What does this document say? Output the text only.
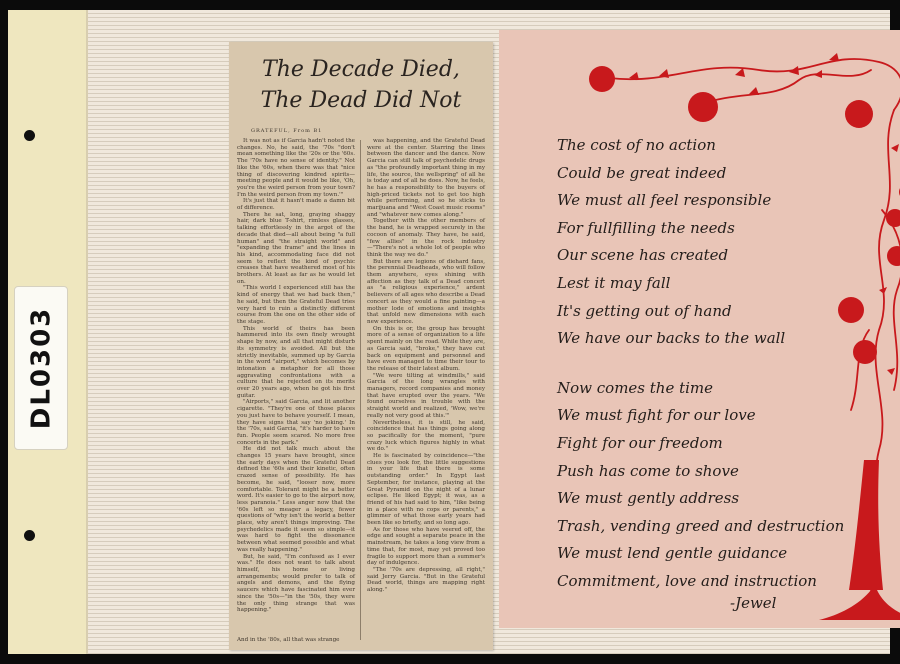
DL0303
The Decade Died,
The Dead Did Not
GRATEFUL, From B1

It was not as if Garcia hadn't noted the changes. No, he said, the '70s "don't mean something like the '20s or the '60s. The '70s have no sense of identity." Not like the '60s, when there was that "nice thing of discovering kindred spirits—meeting people and it would be like, 'Oh, you're the weird person from your town? I'm the weird person from my town.'"

It's just that it hasn't made a damn bit of difference.

There he sat, long, graying shaggy hair, dark blue T-shirt, rimless glasses, talking effortlessly in the argot of the decade that died—all about being "a full human" and "the straight world" and "expanding the frame" and the lines in his kind, accommodating face did not seem to reflect the kind of psychic creases that have weathered most of his brothers. At least as far as he would let on.

"This world I experienced still has the kind of energy that we had back then," he said, but then the Grateful Dead tries very hard to ruin a distinctly different course from the one on the other side of the stage.

This world of theirs has been hammered into its own finely wrought shape by now, and all that might disturb its symmetry is avoided. All but the strictly inevitable, summed up by Garcia in the word "airport," which becomes by intonation a metaphor for all those aggravating confrontations with a culture that he rejected on its merits over 20 years ago, when he got his first guitar.

"Airports," said Garcia, and lit another cigarette. "They're one of those places you just have to behave yourself. I mean, they have signs that say 'no joking.' In the '70s, said Garcia, "it's harder to have fun. People seem scared. No more free concerts in the park."

He did not talk much about the changes 15 years have brought, since the early days when the Grateful Dead defined the '60s and their kinetic, often crazed sense of possibility. He has become, he said, "looser now, more comfortable. Tolerant might be a better word. It's easier to go to the airport now, less paranoia." Less anger now that the '60s left so meager a legacy, fewer questions of "why isn't the world a better place, why aren't things improving. The psychedelics made it seem so simple—it was hard to fight the dissonance between what seemed possible and what was really happening."

But, he said, "I'm confused as I ever was." He does not want to talk about himself, his home or living arrangements; would prefer to talk of angels and demons, and the flying saucers which have fascinated him ever since the '50s—"in the '50s, they were the only thing strange that was happening."

was happening, and the Grateful Dead were at the center. Starring the lines between the dancer and the dance. Now Garcia can still talk of psychedelic drugs as "the profoundly important thing in my life, the source, the wellspring" of all he is today and of all he does. Now, he feels, he has a responsibility to the buyers of high-priced tickets not to get too high while performing, and so he sticks to marijuana and "West Coast music rooms" and "whatever new comes along."

Together with the other members of the band, he is wrapped securely in the cocoon of anomaly. They have, he said, "few allies" in the rock industry—"There's not a whole lot of people who think the way we do."

But there are legions of diehard fans, the perennial Deadheads, who will follow them anywhere, eyes shining with affection as they talk of a Dead concert as "a religious experience," ardent believers of all ages who describe a Dead concert as they would a fine painting—a mother lode of emotions and insights that unfold new dimensions with each new experience.

On this is or, the group has brought more of a sense of organization to a life spent mainly on the road. While they are, as Garcia said, "broke," they have cut back on equipment and personnel and have even managed to time their tour to the release of their latest album.

"We were tilting at windmills," said Garcia of the long wrangles with managers, record companies and money that have erupted over the years. "We found ourselves in trouble with the straight world and realized, 'Wow, we're really not very good at this.'"

Nevertheless, it is still, he said, coincidence that has things going along so pacifically for the moment, "pure crazy luck which figures highly in what we do."

He is fascinated by coincidence—"the clues you look for, the little suggestions in your life that there is some outstanding order." In Egypt last September, for instance, playing at the Great Pyramid on the night of a lunar eclipse. He liked Egypt; it was, as a friend of his had said to him, "like being in a place with no cops or parents," a glimmer of what those early years had been like so briefly, and so long ago.

As for those who have veered off, the edge and sought a separate peace in the mainstream, he takes a long view from a time that, for most, may yet proved too fragile to support more than a summer's day of indulgence.

"The '70s are depressing, all right," said Jerry Garcia. "But in the Grateful Dead world, things are mapping right along."

And in the '80s, all that was strange
The cost of no action
Could be great indeed
We must all feel responsible
For fullfilling the needs
Our scene has created
Lest it may fall
It's getting out of hand
We have our backs to the wall
Now comes the time
We must fight for our love
Fight for our freedom
Push has come to shove
We must gently address
Trash, vending greed and destruction
We must lend gentle guidance
Commitment, love and instruction
-Jewel
